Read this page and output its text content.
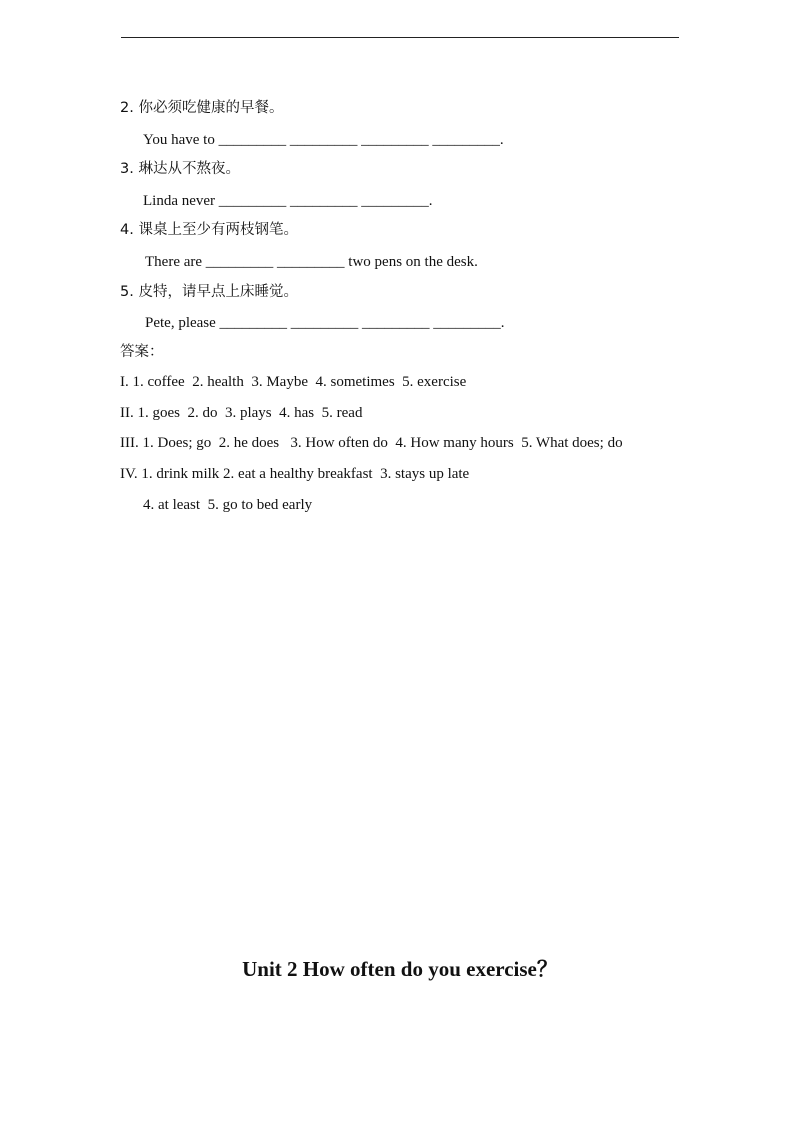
2. 你必须吃健康的早餐。
You have to _________ _________ _________ _________.
3. 琳达从不熬夜。
Linda never _________ _________ _________.
4. 课桌上至少有两枝钢笔。
There are _________ _________ two pens on the desk.
5. 皮特，请早点上床睡觉。
Pete, please _________ _________ _________ _________.
答案：
I. 1. coffee  2. health  3. Maybe  4. sometimes  5. exercise
II. 1. goes  2. do  3. plays  4. has  5. read
III. 1. Does; go  2. he does   3. How often do  4. How many hours  5. What does; do
IV. 1. drink milk 2. eat a healthy breakfast  3. stays up late
4. at least  5. go to bed early
Unit 2 How often do you exercise？
